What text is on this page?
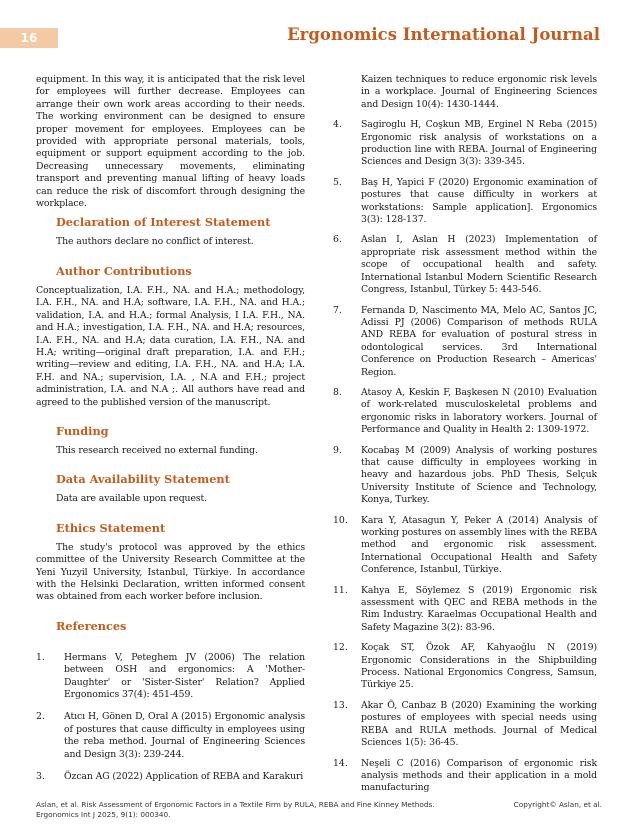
16	Ergonomics International Journal

equipment. In this way, it is anticipated that the risk level for employees will further decrease. Employees can arrange their own work areas according to their needs. The working environment can be designed to ensure proper movement for employees. Employees can be provided with appropriate personal materials, tools, equipment or support equipment according to the job. Decreasing unnecessary movements, eliminating transport and preventing manual lifting of heavy loads can reduce the risk of discomfort through designing the workplace.

Declaration of Interest Statement

The authors declare no conflict of interest.

Author Contributions

Conceptualization, I.A. F.H., NA. and H.A.; methodology, I.A. F.H., NA. and H.A; software, I.A. F.H., NA. and H.A.; validation, I.A. and H.A.; formal Analysis, I I.A. F.H., NA. and H.A.; investigation, I.A. F.H., NA. and H.A; resources, I.A. F.H., NA. and H.A; data curation, I.A. F.H., NA. and H.A; writing—original draft preparation, I.A. and F.H.; writing—review and editing, I.A. F.H., NA. and H.A; I.A. F.H. and NA.; supervision, I.A. , N.A and F.H.; project administration, I.A. and N.A ;. All authors have read and agreed to the published version of the manuscript.

Funding

This research received no external funding.

Data Availability Statement

Data are available upon request.

Ethics Statement

The study's protocol was approved by the ethics committee of the University Research Committee at the Yeni Yuzyil University, Istanbul, Türkiye. In accordance with the Helsinki Declaration, written informed consent was obtained from each worker before inclusion.

References
1. Hermans V, Peteghem JV (2006) The relation between OSH and ergonomics: A 'Mother-Daughter' or 'Sister-Sister' Relation? Applied Ergonomics 37(4): 451-459.
2. Atıcı H, Gönen D, Oral A (2015) Ergonomic analysis of postures that cause difficulty in employees using the reba method. Journal of Engineering Sciences and Design 3(3): 239-244.
3. Özcan AG (2022) Application of REBA and Karakuri
Kaizen techniques to reduce ergonomic risk levels in a workplace. Journal of Engineering Sciences and Design 10(4): 1430-1444.
4. Sagiroglu H, Coşkun MB, Erginel N Reba (2015) Ergonomic risk analysis of workstations on a production line with REBA. Journal of Engineering Sciences and Design 3(3): 339-345.
5. Baş H, Yapici F (2020) Ergonomic examination of postures that cause difficulty in workers at workstations: Sample application]. Ergonomics 3(3): 128-137.
6. Aslan I, Aslan H (2023) Implementation of appropriate risk assessment method within the scope of occupational health and safety. International Istanbul Modern Scientific Research Congress, Istanbul, Türkey 5: 443-546.
7. Fernanda D, Nascimento MA, Melo AC, Santos JC, Adissi PJ (2006) Comparison of methods RULA AND REBA for evaluation of postural stress in odontological services. 3rd International Conference on Production Research – Americas' Region.
8. Atasoy A, Keskin F, Başkesen N (2010) Evaluation of work-related musculoskeletal problems and ergonomic risks in laboratory workers. Journal of Performance and Quality in Health 2: 1309-1972.
9. Kocabaş M (2009) Analysis of working postures that cause difficulty in employees working in heavy and hazardous jobs. PhD Thesis, Selçuk University Institute of Science and Technology, Konya, Turkey.
10. Kara Y, Atasagun Y, Peker A (2014) Analysis of working postures on assembly lines with the REBA method and ergonomic risk assessment. International Occupational Health and Safety Conference, Istanbul, Türkiye.
11. Kahya E, Söylemez S (2019) Ergonomic risk assessment with QEC and REBA methods in the Rim Industry. Karaelmas Occupational Health and Safety Magazine 3(2): 83-96.
12. Koçak ST, Özok AF, Kahyaoğlu N (2019) Ergonomic Considerations in the Shipbuilding Process. National Ergonomics Congress, Samsun, Türkiye 25.
13. Akar Ö, Canbaz B (2020) Examining the working postures of employees with special needs using REBA and RULA methods. Journal of Medical Sciences 1(5): 36-45.
14. Neşeli C (2016) Comparison of ergonomic risk analysis methods and their application in a mold manufacturing
Aslan, et al. Risk Assessment of Ergonomic Factors in a Textile Firm by RULA, REBA and Fine Kinney Methods. Ergonomics Int J 2025, 9(1): 000340.
Copyright© Aslan, et al.
